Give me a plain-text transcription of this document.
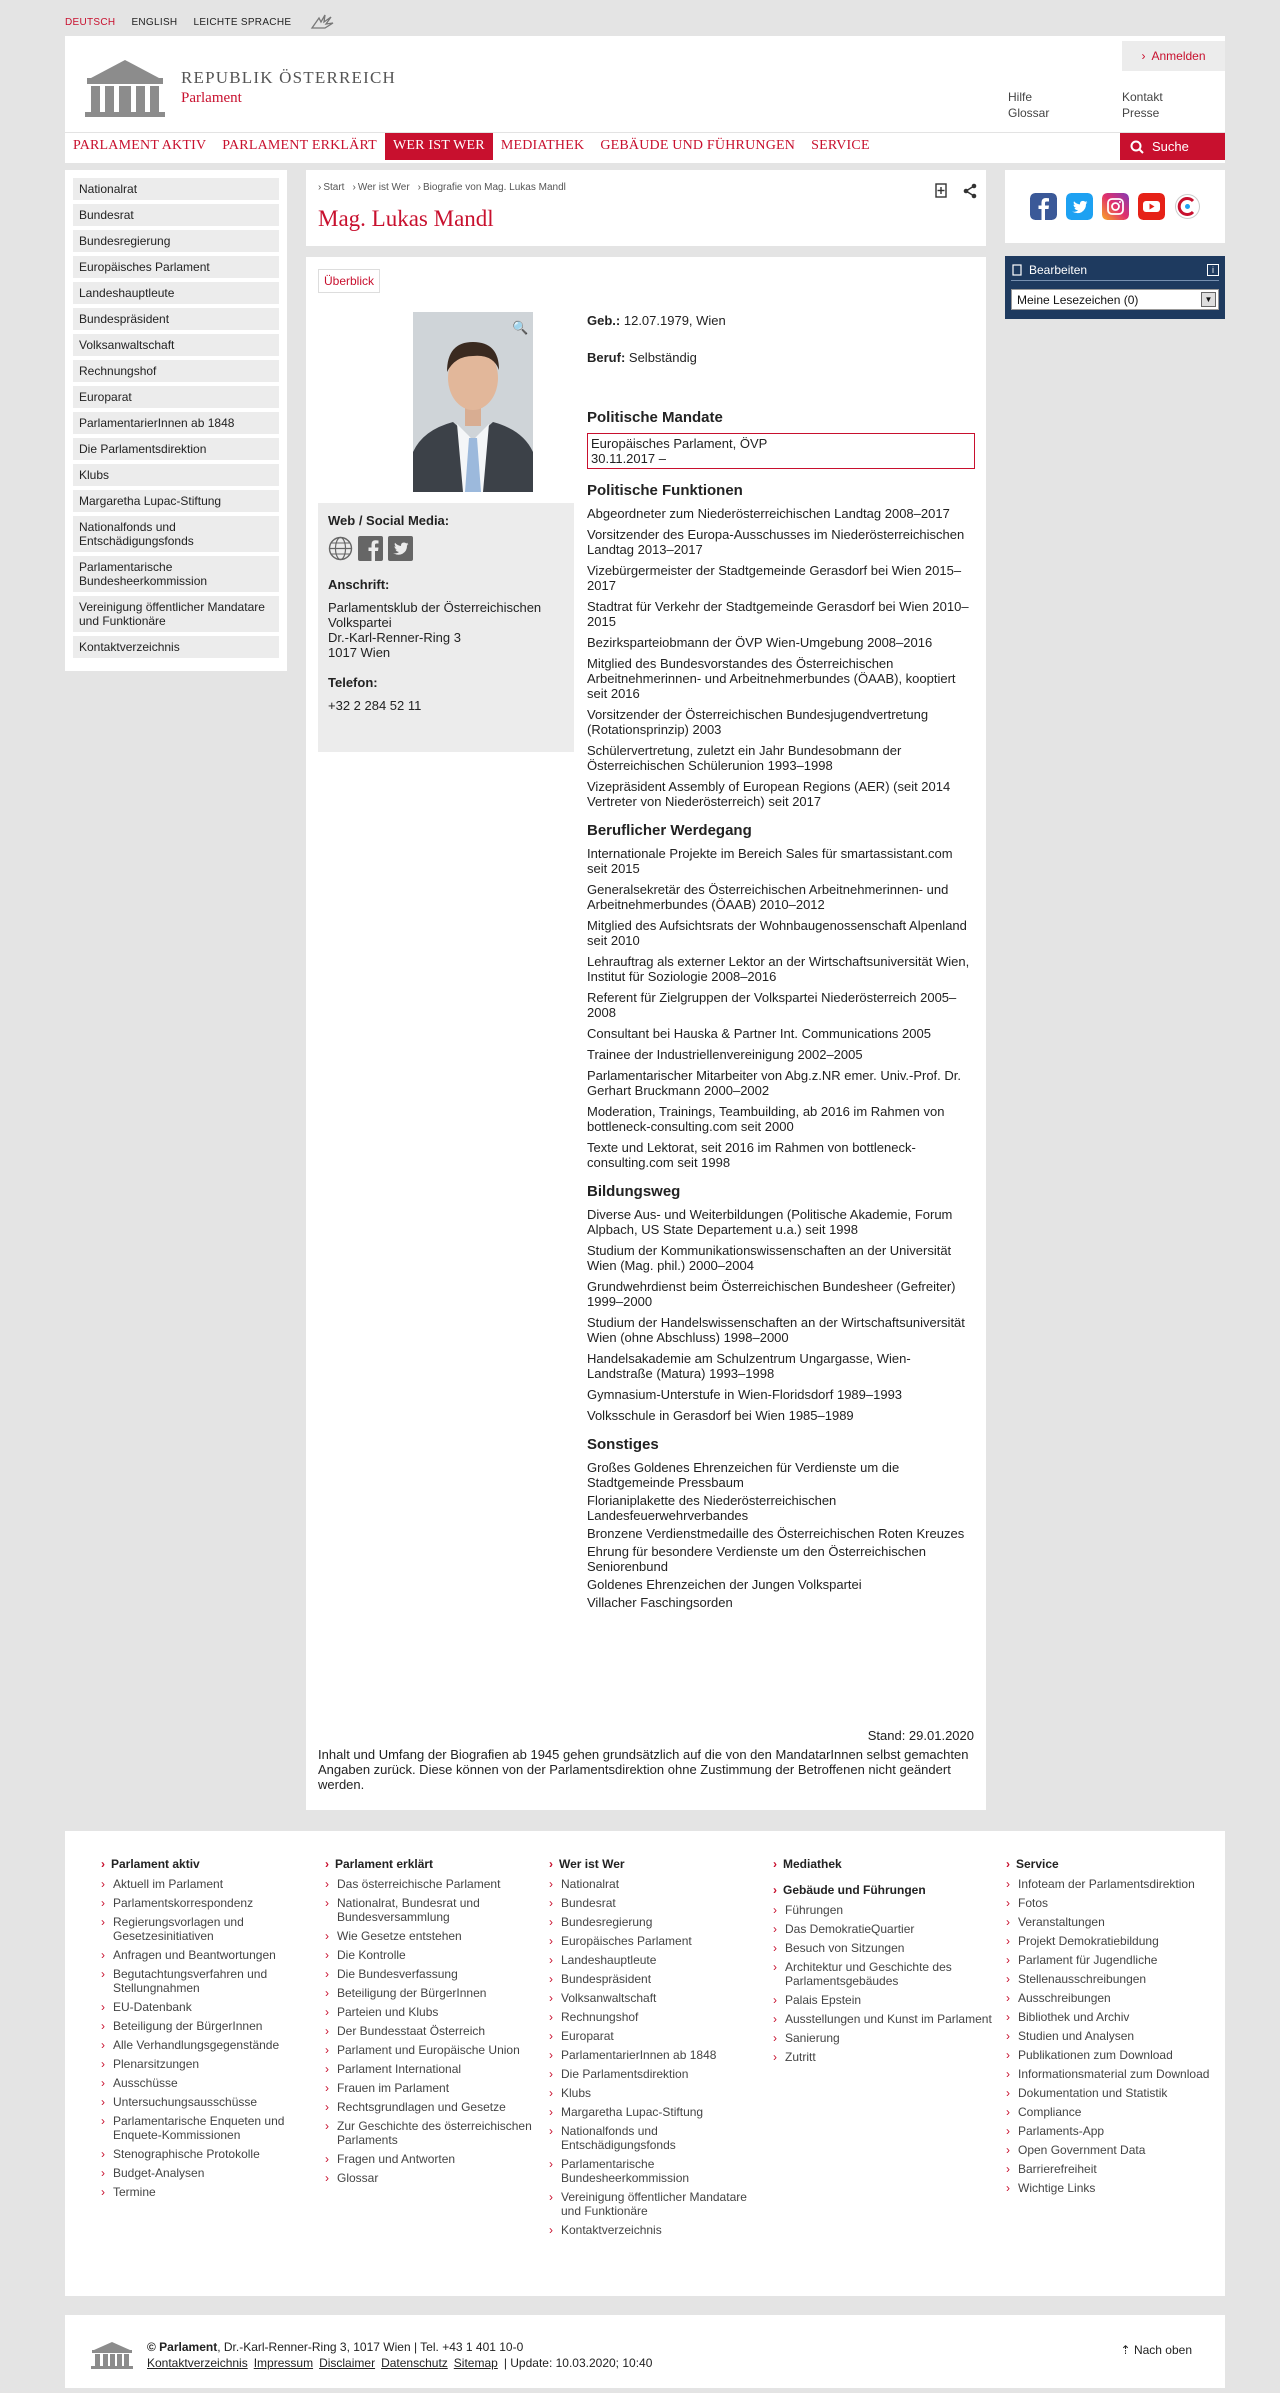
DEUTSCH ENGLISH LEICHTE SPRACHE
REPUBLIK ÖSTERREICH
Parlament
› Anmelden
Hilfe	Kontakt
Glossar	Presse
PARLAMENT AKTIV	PARLAMENT ERKLÄRT	WER IST WER	MEDIATHEK	GEBÄUDE UND FÜHRUNGEN	SERVICE	Suche
Nationalrat
Bundesrat
Bundesregierung
Europäisches Parlament
Landeshauptleute
Bundespräsident
Volksanwaltschaft
Rechnungshof
Europarat
ParlamentarierInnen ab 1848
Die Parlamentsdirektion
Klubs
Margaretha Lupac-Stiftung
Nationalfonds und Entschädigungsfonds
Parlamentarische Bundesheerkommission
Vereinigung öffentlicher Mandatare und Funktionäre
Kontaktverzeichnis
› Start	› Wer ist Wer	› Biografie von Mag. Lukas Mandl
Mag. Lukas Mandl
Überblick
🔍
Web / Social Media:
Anschrift:
Parlamentsklub der Österreichischen Volkspartei
Dr.-Karl-Renner-Ring 3
1017 Wien
Telefon:
+32 2 284 52 11
Geb.: 12.07.1979, Wien
Beruf: Selbständig
Politische Mandate
Europäisches Parlament, ÖVP
30.11.2017 –
Politische Funktionen
Abgeordneter zum Niederösterreichischen Landtag 2008–2017
Vorsitzender des Europa-Ausschusses im Niederösterreichischen Landtag 2013–2017
Vizebürgermeister der Stadtgemeinde Gerasdorf bei Wien 2015–2017
Stadtrat für Verkehr der Stadtgemeinde Gerasdorf bei Wien 2010–2015
Bezirksparteiobmann der ÖVP Wien-Umgebung 2008–2016
Mitglied des Bundesvorstandes des Österreichischen Arbeitnehmerinnen- und Arbeitnehmerbundes (ÖAAB), kooptiert seit 2016
Vorsitzender der Österreichischen Bundesjugendvertretung (Rotationsprinzip) 2003
Schülervertretung, zuletzt ein Jahr Bundesobmann der Österreichischen Schülerunion 1993–1998
Vizepräsident Assembly of European Regions (AER) (seit 2014 Vertreter von Niederösterreich) seit 2017
Beruflicher Werdegang
Internationale Projekte im Bereich Sales für smartassistant.com seit 2015
Generalsekretär des Österreichischen Arbeitnehmerinnen- und Arbeitnehmerbundes (ÖAAB) 2010–2012
Mitglied des Aufsichtsrats der Wohnbaugenossenschaft Alpenland seit 2010
Lehrauftrag als externer Lektor an der Wirtschaftsuniversität Wien, Institut für Soziologie 2008–2016
Referent für Zielgruppen der Volkspartei Niederösterreich 2005–2008
Consultant bei Hauska & Partner Int. Communications 2005
Trainee der Industriellenvereinigung 2002–2005
Parlamentarischer Mitarbeiter von Abg.z.NR emer. Univ.-Prof. Dr. Gerhart Bruckmann 2000–2002
Moderation, Trainings, Teambuilding, ab 2016 im Rahmen von bottleneck-consulting.com seit 2000
Texte und Lektorat, seit 2016 im Rahmen von bottleneck-consulting.com seit 1998
Bildungsweg
Diverse Aus- und Weiterbildungen (Politische Akademie, Forum Alpbach, US State Departement u.a.) seit 1998
Studium der Kommunikationswissenschaften an der Universität Wien (Mag. phil.) 2000–2004
Grundwehrdienst beim Österreichischen Bundesheer (Gefreiter) 1999–2000
Studium der Handelswissenschaften an der Wirtschaftsuniversität Wien (ohne Abschluss) 1998–2000
Handelsakademie am Schulzentrum Ungargasse, Wien-Landstraße (Matura) 1993–1998
Gymnasium-Unterstufe in Wien-Floridsdorf 1989–1993
Volksschule in Gerasdorf bei Wien 1985–1989
Sonstiges
Großes Goldenes Ehrenzeichen für Verdienste um die Stadtgemeinde Pressbaum
Florianiplakette des Niederösterreichischen Landesfeuerwehrverbandes
Bronzene Verdienstmedaille des Österreichischen Roten Kreuzes
Ehrung für besondere Verdienste um den Österreichischen Seniorenbund
Goldenes Ehrenzeichen der Jungen Volkspartei
Villacher Faschingsorden
Stand: 29.01.2020
Inhalt und Umfang der Biografien ab 1945 gehen grundsätzlich auf die von den MandatarInnen selbst gemachten Angaben zurück. Diese können von der Parlamentsdirektion ohne Zustimmung der Betroffenen nicht geändert werden.
Bearbeiten	i
Meine Lesezeichen (0)	▼
› Parlament aktiv
› Aktuell im Parlament
› Parlamentskorrespondenz
› Regierungsvorlagen und Gesetzesinitiativen
› Anfragen und Beantwortungen
› Begutachtungsverfahren und Stellungnahmen
› EU-Datenbank
› Beteiligung der BürgerInnen
› Alle Verhandlungsgegenstände
› Plenarsitzungen
› Ausschüsse
› Untersuchungsausschüsse
› Parlamentarische Enqueten und Enquete-Kommissionen
› Stenographische Protokolle
› Budget-Analysen
› Termine
› Parlament erklärt
› Das österreichische Parlament
› Nationalrat, Bundesrat und Bundesversammlung
› Wie Gesetze entstehen
› Die Kontrolle
› Die Bundesverfassung
› Beteiligung der BürgerInnen
› Parteien und Klubs
› Der Bundesstaat Österreich
› Parlament und Europäische Union
› Parlament International
› Frauen im Parlament
› Rechtsgrundlagen und Gesetze
› Zur Geschichte des österreichischen Parlaments
› Fragen und Antworten
› Glossar
› Wer ist Wer
› Nationalrat
› Bundesrat
› Bundesregierung
› Europäisches Parlament
› Landeshauptleute
› Bundespräsident
› Volksanwaltschaft
› Rechnungshof
› Europarat
› ParlamentarierInnen ab 1848
› Die Parlamentsdirektion
› Klubs
› Margaretha Lupac-Stiftung
› Nationalfonds und Entschädigungsfonds
› Parlamentarische Bundesheerkommission
› Vereinigung öffentlicher Mandatare und Funktionäre
› Kontaktverzeichnis
› Mediathek
› Gebäude und Führungen
› Führungen
› Das DemokratieQuartier
› Besuch von Sitzungen
› Architektur und Geschichte des Parlamentsgebäudes
› Palais Epstein
› Ausstellungen und Kunst im Parlament
› Sanierung
› Zutritt
› Service
› Infoteam der Parlamentsdirektion
› Fotos
› Veranstaltungen
› Projekt Demokratiebildung
› Parlament für Jugendliche
› Stellenausschreibungen
› Ausschreibungen
› Bibliothek und Archiv
› Studien und Analysen
› Publikationen zum Download
› Informationsmaterial zum Download
› Dokumentation und Statistik
› Compliance
› Parlaments-App
› Open Government Data
› Barrierefreiheit
› Wichtige Links
© Parlament, Dr.-Karl-Renner-Ring 3, 1017 Wien | Tel. +43 1 401 10-0
Kontaktverzeichnis Impressum Disclaimer Datenschutz Sitemap | Update: 10.03.2020; 10:40
⇡ Nach oben
